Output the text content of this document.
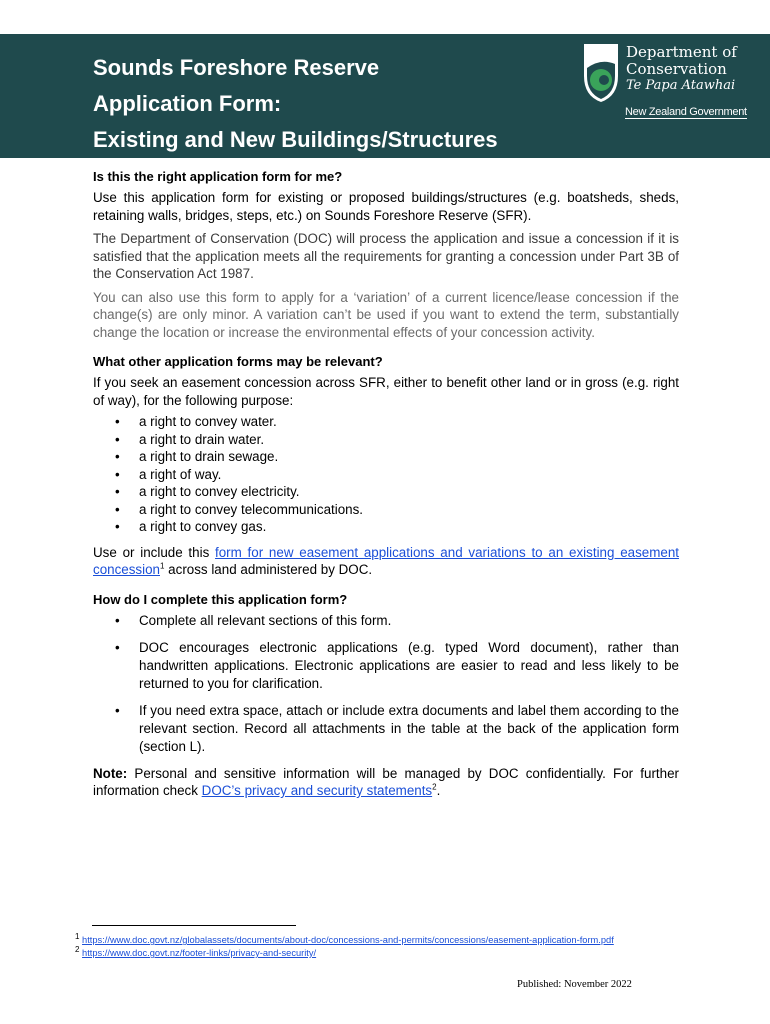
Sounds Foreshore Reserve
Application Form:
Existing and New Buildings/Structures
Department of
Conservation
Te Papa Atawhai
New Zealand Government
Is this the right application form for me?

Use this application form for existing or proposed buildings/structures (e.g. boatsheds, sheds, retaining walls, bridges, steps, etc.) on Sounds Foreshore Reserve (SFR).

The Department of Conservation (DOC) will process the application and issue a concession if it is satisfied that the application meets all the requirements for granting a concession under Part 3B of the Conservation Act 1987.

You can also use this form to apply for a ‘variation’ of a current licence/lease concession if the change(s) are only minor. A variation can’t be used if you want to extend the term, substantially change the location or increase the environmental effects of your concession activity.

What other application forms may be relevant?

If you seek an easement concession across SFR, either to benefit other land or in gross (e.g. right of way), for the following purpose:

• a right to convey water.
• a right to drain water.
• a right to drain sewage.
• a right of way.
• a right to convey electricity.
• a right to convey telecommunications.
• a right to convey gas.

Use or include this form for new easement applications and variations to an existing easement concession$^1$ across land administered by DOC.

How do I complete this application form?
• Complete all relevant sections of this form.
• DOC encourages electronic applications (e.g. typed Word document), rather than handwritten applications. Electronic applications are easier to read and less likely to be returned to you for clarification.
• If you need extra space, attach or include extra documents and label them according to the relevant section. Record all attachments in the table at the back of the application form (section L).

Note: Personal and sensitive information will be managed by DOC confidentially. For further information check DOC’s privacy and security statements$^2$.

$^1$ https://www.doc.govt.nz/globalassets/documents/about-doc/concessions-and-permits/concessions/easement-application-form.pdf
$^2$ https://www.doc.govt.nz/footer-links/privacy-and-security/
Published: November 2022
